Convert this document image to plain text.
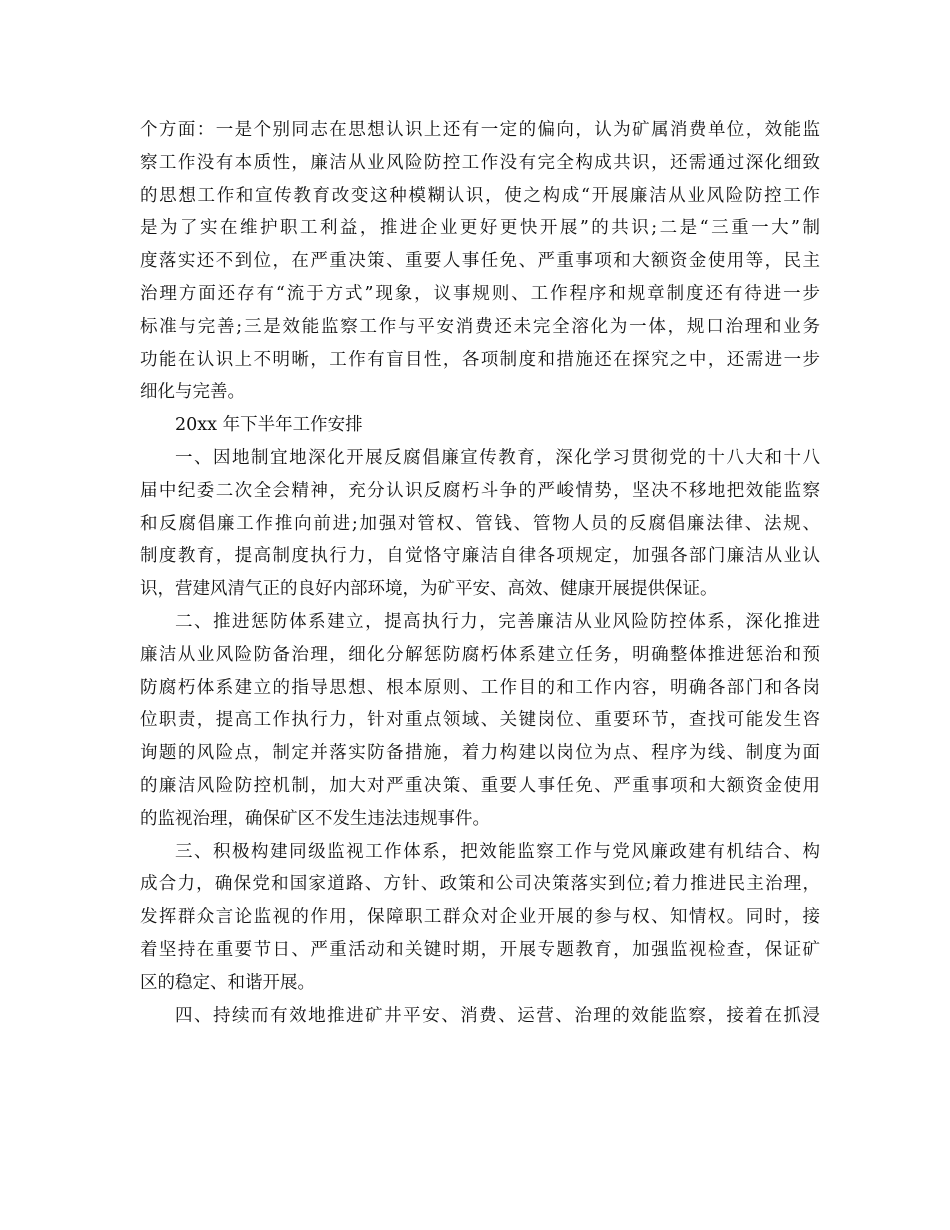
个方面：一是个别同志在思想认识上还有一定的偏向，认为矿属消费单位，效能监
察工作没有本质性，廉洁从业风险防控工作没有完全构成共识，还需通过深化细致
的思想工作和宣传教育改变这种模糊认识，使之构成“开展廉洁从业风险防控工作
是为了实在维护职工利益，推进企业更好更快开展”的共识;二是“三重一大”制
度落实还不到位，在严重决策、重要人事任免、严重事项和大额资金使用等，民主
治理方面还存有“流于方式”现象，议事规则、工作程序和规章制度还有待进一步
标准与完善;三是效能监察工作与平安消费还未完全溶化为一体，规口治理和业务
功能在认识上不明晰，工作有盲目性，各项制度和措施还在探究之中，还需进一步
细化与完善。

20xx 年下半年工作安排

一、因地制宜地深化开展反腐倡廉宣传教育，深化学习贯彻党的十八大和十八
届中纪委二次全会精神，充分认识反腐朽斗争的严峻情势，坚决不移地把效能监察
和反腐倡廉工作推向前进;加强对管权、管钱、管物人员的反腐倡廉法律、法规、
制度教育，提高制度执行力，自觉恪守廉洁自律各项规定，加强各部门廉洁从业认
识，营建风清气正的良好内部环境，为矿平安、高效、健康开展提供保证。

二、推进惩防体系建立，提高执行力，完善廉洁从业风险防控体系，深化推进
廉洁从业风险防备治理，细化分解惩防腐朽体系建立任务，明确整体推进惩治和预
防腐朽体系建立的指导思想、根本原则、工作目的和工作内容，明确各部门和各岗
位职责，提高工作执行力，针对重点领域、关键岗位、重要环节，查找可能发生咨
询题的风险点，制定并落实防备措施，着力构建以岗位为点、程序为线、制度为面
的廉洁风险防控机制，加大对严重决策、重要人事任免、严重事项和大额资金使用
的监视治理，确保矿区不发生违法违规事件。

三、积极构建同级监视工作体系，把效能监察工作与党风廉政建有机结合、构
成合力，确保党和国家道路、方针、政策和公司决策落实到位;着力推进民主治理，
发挥群众言论监视的作用，保障职工群众对企业开展的参与权、知情权。同时，接
着坚持在重要节日、严重活动和关键时期，开展专题教育，加强监视检查，保证矿
区的稳定、和谐开展。

四、持续而有效地推进矿井平安、消费、运营、治理的效能监察，接着在抓浸
